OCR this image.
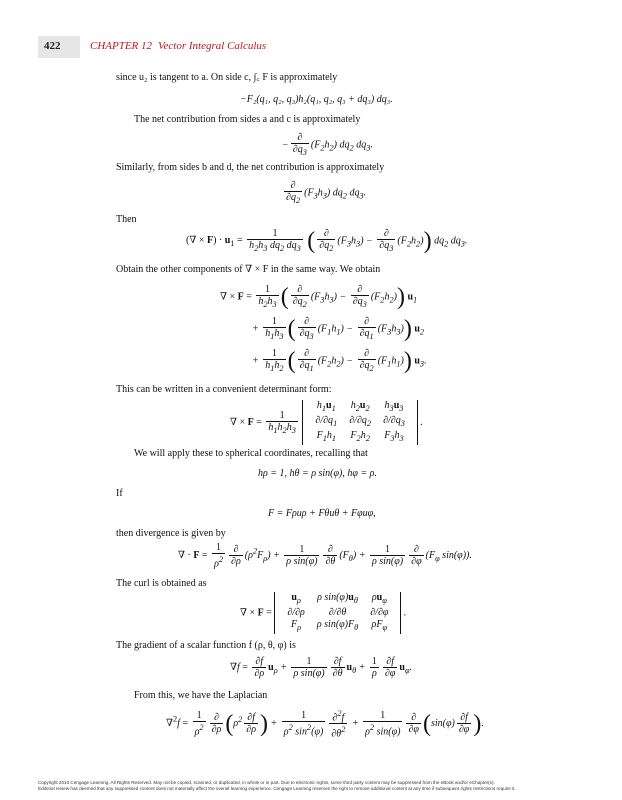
422	CHAPTER 12 Vector Integral Calculus
since u₂ is tangent to a. On side c, ∫꜀ F is approximately
−F₂(q₁, q₂, q₃)h₂(q₁, q₂, q₃ + dq₃) dq₃.
The net contribution from sides a and c is approximately
− $\frac{\partial}{\partial q_3} (F_2h_2)$ $dq_2$ $dq_3$.
Similarly, from sides b and d, the net contribution is approximately
$\frac{\partial}{\partial q_2} (F_3h_3)$ $dq_2$ $dq_3$.
Then
(∇ × $F) \cdot u_1 = \frac{1}{h_2h_3 dq_2 dq_3}$ ( $\frac{\partial}{\partial q_2} (F_3h_3) - \frac{\partial}{\partial q_3} (F_2h_2)$) $dq_2$ $dq_3$.
Obtain the other components of ∇ × F in the same way. We obtain
∇ × $F = \frac{1}{h_2h_3}$ ( $\frac{\partial}{\partial q_2} (F_3h_3) - \frac{\partial}{\partial q_3} (F_2h_2)$) $u_1$
+ $\frac{1}{h_1h_3}$ ( $\frac{\partial}{\partial q_3} (F_1h_1) - \frac{\partial}{\partial q_1} (F_3h_3)$) $u_2$
+ $\frac{1}{h_1h_2}$ ( $\frac{\partial}{\partial q_1} (F_2h_2) - \frac{\partial}{\partial q_2} (F_1h_1)$) $u_3$.
This can be written in a convenient determinant form:
∇ × $F = \frac{1}{h_1h_2h_3}$

$h_1u_1$	$h_2u_2$	$h_3u_3$
$\partial/\partial q_1$	$\partial/\partial q_2$	$\partial/\partial q_3$
$F_1h_1$	$F_2h_2$	$F_3h_3$
.
We will apply these to spherical coordinates, recalling that
hρ = 1, hθ = ρ sin(φ), hφ = ρ.
If
F = Fρuρ + Fθuθ + Fφuφ,
then divergence is given by
∇ · $F = \frac{1}{\rho^2} \frac{\partial}{\partial\rho} (\rho^2F_\rho) + \frac{1}{\text{ρ sin(φ)}} \frac{\partial}{\partial\theta} (F_\theta) + \frac{1}{\text{ρ sin(φ)}} \frac{\partial}{\partial\varphi} (F_\varphi$ sin(φ)).
The curl is obtained as
∇ × F =
$u_\rho$	ρ $\sin(\varphi)u_\theta$	$\rho u_\varphi$
∂/∂ρ	∂/∂θ	∂/∂φ
$F_\rho$	ρ $\sin(\varphi)F_\theta$	$\rho F_\varphi$
.
The gradient of a scalar function f (ρ, θ, φ) is
$\nabla f = \frac{\partial f}{\partial\rho} u_\rho + \frac{1}{\text{ρ sin(φ)}} \frac{\partial f}{\partial\theta} u_\theta + \frac{1}{\rho} \frac{\partial f}{\partial\varphi} u_\varphi$.
From this, we have the Laplacian
$\nabla^2f = \frac{1}{\rho^2} \frac{\partial}{\partial\rho} (\rho^2 \frac{\partial f}{\partial\rho}$ ) + $\frac{1}{\rho^2 \sin^2(\varphi)} \frac{\partial^2f}{\partial\theta^2} + \frac{1}{\rho^2 \sin(\varphi)} \frac{\partial}{\partial\varphi} (\sin(\varphi) \frac{\partial f}{\partial\varphi}$ ).
Copyright 2010 Cengage Learning. All Rights Reserved. May not be copied, scanned, or duplicated, in whole or in part. Due to electronic rights, some third party content may be suppressed from the eBook and/or eChapter(s).
Editorial review has deemed that any suppressed content does not materially affect the overall learning experience. Cengage Learning reserves the right to remove additional content at any time if subsequent rights restrictions require it.
